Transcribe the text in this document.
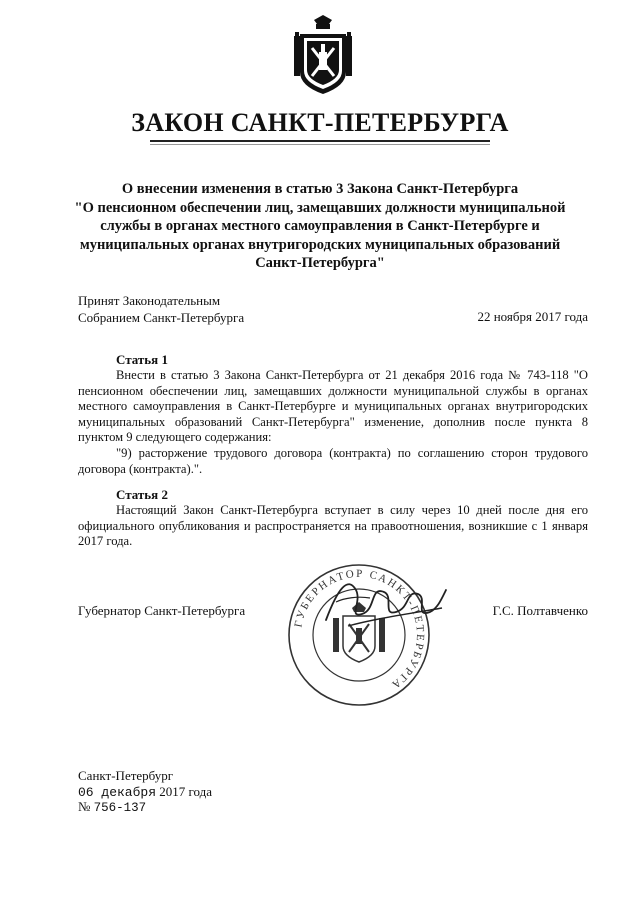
ЗАКОН САНКТ-ПЕТЕРБУРГА
О внесении изменения в статью 3 Закона Санкт-Петербурга
"О пенсионном обеспечении лиц, замещавших должности муниципальной
службы в органах местного самоуправления в Санкт-Петербурге и
муниципальных органах внутригородских муниципальных образований
Санкт-Петербурга"
Принят Законодательным
Собранием Санкт-Петербурга	22 ноября 2017 года
Статья 1

Внести в статью 3 Закона Санкт-Петербурга от 21 декабря 2016 года № 743-118 "О пенсионном обеспечении лиц, замещавших должности муниципальной службы в органах местного самоуправления в Санкт-Петербурге и муниципальных органах внутригородских муниципальных образований Санкт-Петербурга" изменение, дополнив после пункта 8 пунктом 9 следующего содержания:

"9) расторжение трудового договора (контракта) по соглашению сторон трудового договора (контракта).".

Статья 2

Настоящий Закон Санкт-Петербурга вступает в силу через 10 дней после дня его официального опубликования и распространяется на правоотношения, возникшие с 1 января 2017 года.

ГУБЕРНАТОР САНКТ-ПЕТЕРБУРГА
Губернатор Санкт-Петербурга	Г.С. Полтавченко
Санкт-Петербург
06 декабря 2017 года
№ 756-137
